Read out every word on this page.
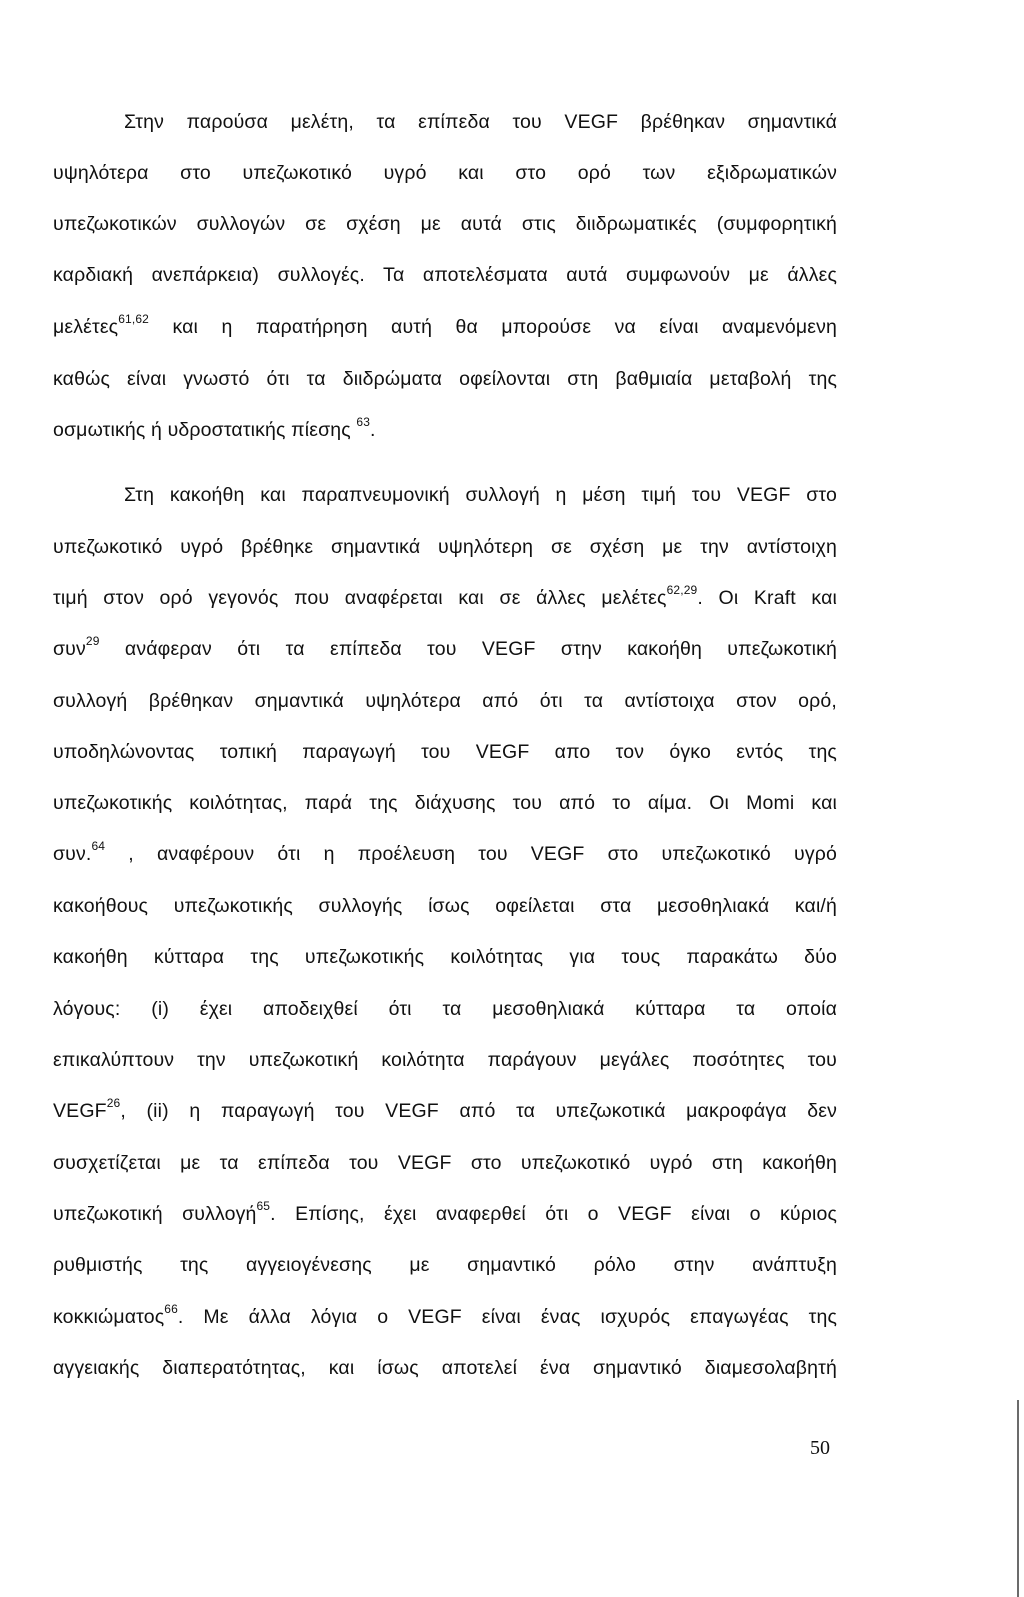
Στην παρούσα μελέτη, τα επίπεδα του VEGF βρέθηκαν σημαντικά
υψηλότερα στο υπεζωκοτικό υγρό και στο ορό των εξιδρωματικών
υπεζωκοτικών συλλογών σε σχέση με αυτά στις διιδρωματικές (συμφορητική
καρδιακή ανεπάρκεια) συλλογές. Τα αποτελέσματα αυτά συμφωνούν με άλλες
μελέτες$^{61,62}$ και η παρατήρηση αυτή θα μπορούσε να είναι αναμενόμενη
καθώς είναι γνωστό ότι τα διιδρώματα οφείλονται στη βαθμιαία μεταβολή της
οσμωτικής ή υδροστατικής πίεσης $^{63}$.
Στη κακοήθη και παραπνευμονική συλλογή η μέση τιμή του VEGF στο
υπεζωκοτικό υγρό βρέθηκε σημαντικά υψηλότερη σε σχέση με την αντίστοιχη
τιμή στον ορό γεγονός που αναφέρεται και σε άλλες μελέτες$^{62,29}$. Οι Kraft και
συν$^{29}$ ανάφεραν ότι τα επίπεδα του VEGF στην κακοήθη υπεζωκοτική
συλλογή βρέθηκαν σημαντικά υψηλότερα από ότι τα αντίστοιχα στον ορό,
υποδηλώνοντας τοπική παραγωγή του VEGF απο τον όγκο εντός της
υπεζωκοτικής κοιλότητας, παρά της διάχυσης του από το αίμα. Οι Momi και
συν.$^{64}$ , αναφέρουν ότι η προέλευση του VEGF στο υπεζωκοτικό υγρό
κακοήθους υπεζωκοτικής συλλογής ίσως οφείλεται στα μεσοθηλιακά και/ή
κακοήθη κύτταρα της υπεζωκοτικής κοιλότητας για τους παρακάτω δύο
λόγους: (i) έχει αποδειχθεί ότι τα μεσοθηλιακά κύτταρα τα οποία
επικαλύπτουν την υπεζωκοτική κοιλότητα παράγουν μεγάλες ποσότητες του
VEGF$^{26}$, (ii) η παραγωγή του VEGF από τα υπεζωκοτικά μακροφάγα δεν
συσχετίζεται με τα επίπεδα του VEGF στο υπεζωκοτικό υγρό στη κακοήθη
υπεζωκοτική συλλογή$^{65}$. Επίσης, έχει αναφερθεί ότι ο VEGF είναι ο κύριος
ρυθμιστής της αγγειογένεσης με σημαντικό ρόλο στην ανάπτυξη
κοκκιώματος$^{66}$. Με άλλα λόγια ο VEGF είναι ένας ισχυρός επαγωγέας της
αγγειακής διαπερατότητας, και ίσως αποτελεί ένα σημαντικό διαμεσολαβητή
50
